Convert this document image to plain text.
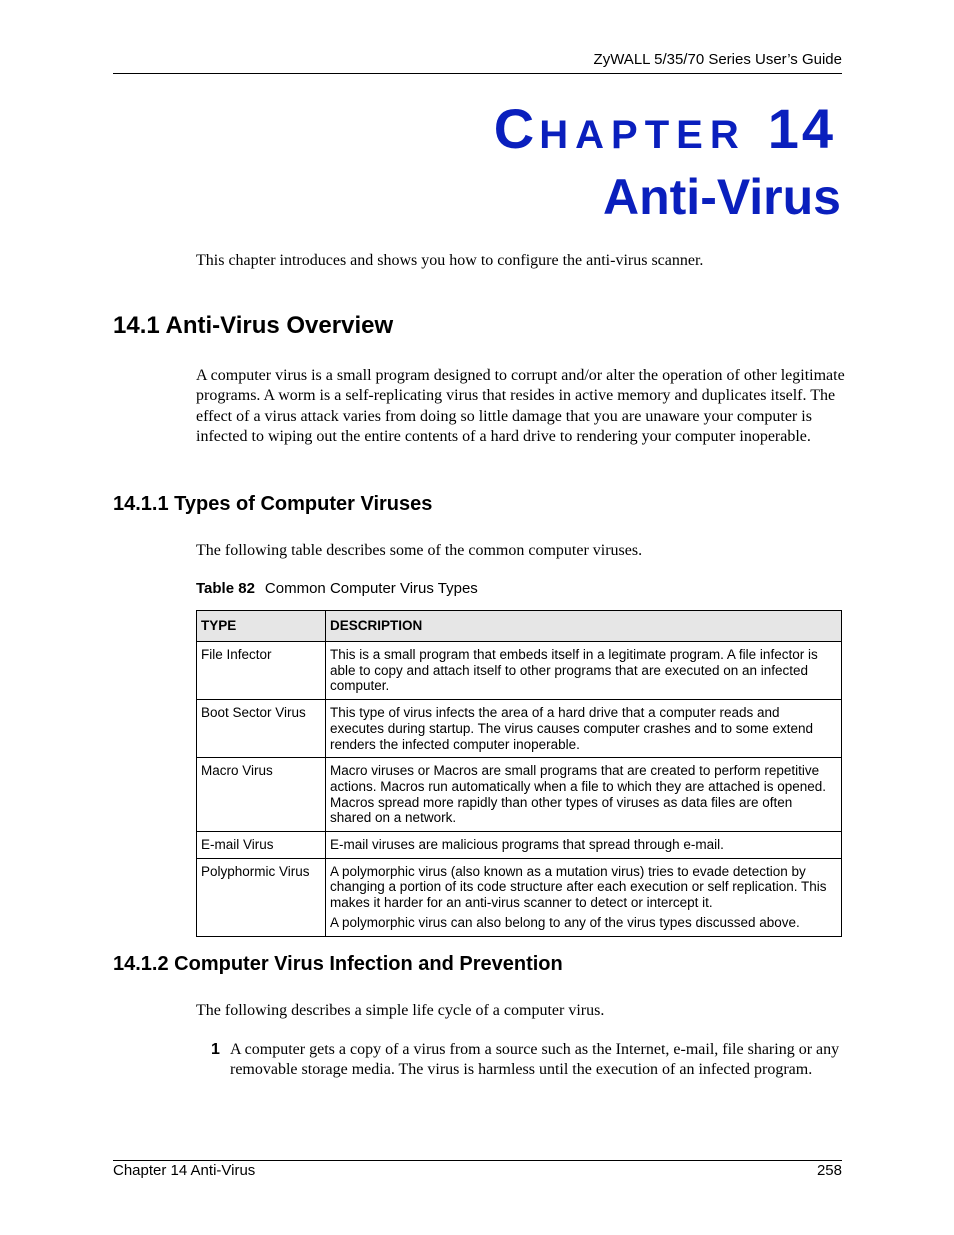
ZyWALL 5/35/70 Series User’s Guide
CHAPTER 14
Anti-Virus
This chapter introduces and shows you how to configure the anti-virus scanner.
14.1 Anti-Virus Overview
A computer virus is a small program designed to corrupt and/or alter the operation of other legitimate programs. A worm is a self-replicating virus that resides in active memory and duplicates itself. The effect of a virus attack varies from doing so little damage that you are unaware your computer is infected to wiping out the entire contents of a hard drive to rendering your computer inoperable.
14.1.1 Types of Computer Viruses
The following table describes some of the common computer viruses.
Table 82 Common Computer Virus Types
TYPE	DESCRIPTION
File Infector	This is a small program that embeds itself in a legitimate program. A file infector is able to copy and attach itself to other programs that are executed on an infected computer.

Boot Sector Virus	This type of virus infects the area of a hard drive that a computer reads and executes during startup. The virus causes computer crashes and to some extend renders the infected computer inoperable.

Macro Virus	Macro viruses or Macros are small programs that are created to perform repetitive actions. Macros run automatically when a file to which they are attached is opened. Macros spread more rapidly than other types of viruses as data files are often shared on a network.

E-mail Virus	E-mail viruses are malicious programs that spread through e-mail.

Polyphormic Virus	A polymorphic virus (also known as a mutation virus) tries to evade detection by changing a portion of its code structure after each execution or self replication. This makes it harder for an anti-virus scanner to detect or intercept it.

A polymorphic virus can also belong to any of the virus types discussed above.

14.1.2 Computer Virus Infection and Prevention
The following describes a simple life cycle of a computer virus.
1 A computer gets a copy of a virus from a source such as the Internet, e-mail, file sharing or any removable storage media. The virus is harmless until the execution of an infected program.
Chapter 14 Anti-Virus	258
